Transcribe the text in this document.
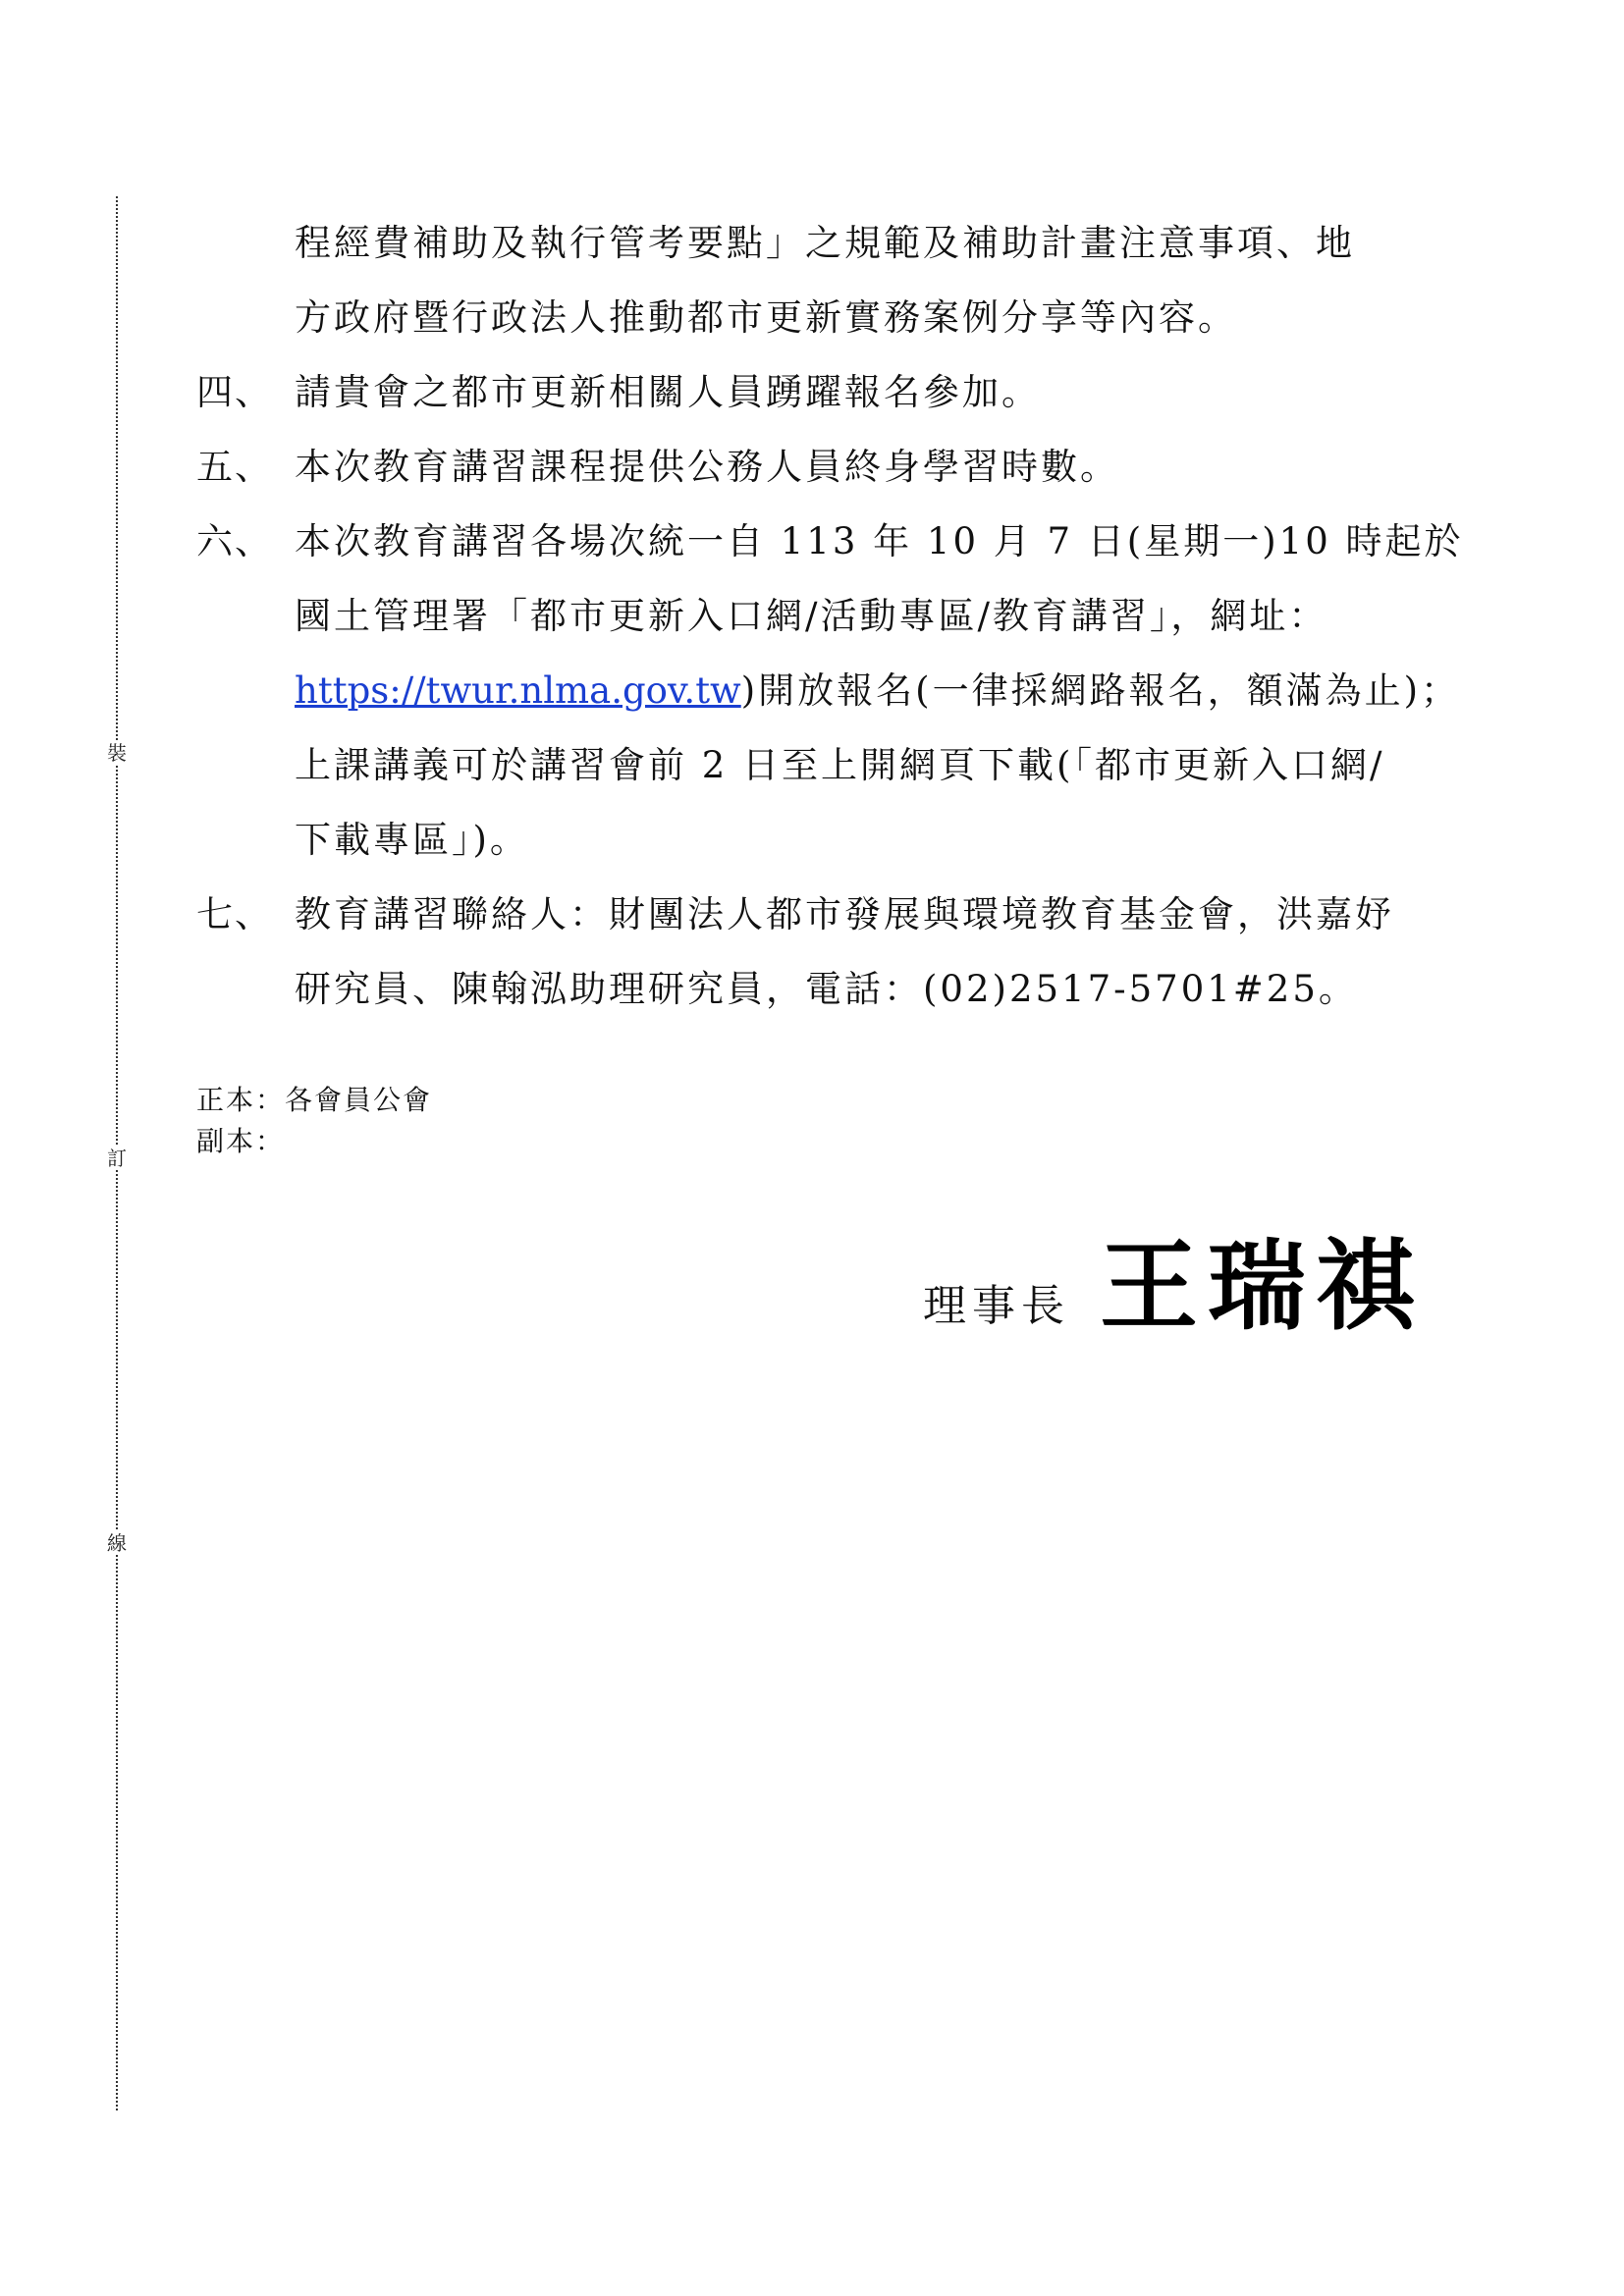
裝
訂
線
程經費補助及執行管考要點」之規範及補助計畫注意事項、地
方政府暨行政法人推動都市更新實務案例分享等內容。
四、 請貴會之都市更新相關人員踴躍報名參加。
五、 本次教育講習課程提供公務人員終身學習時數。
六、 本次教育講習各場次統一自 113 年 10 月 7 日(星期一)10 時起於
國土管理署「都市更新入口網/活動專區/教育講習」，網址：
https://twur.nlma.gov.tw)開放報名(一律採網路報名，額滿為止)；
上課講義可於講習會前 2 日至上開網頁下載(「都市更新入口網/
下載專區」)。
七、 教育講習聯絡人：財團法人都市發展與環境教育基金會，洪嘉妤
研究員、陳翰泓助理研究員，電話：(02)2517-5701#25。
正本：各會員公會
副本：
理事長 王瑞祺
